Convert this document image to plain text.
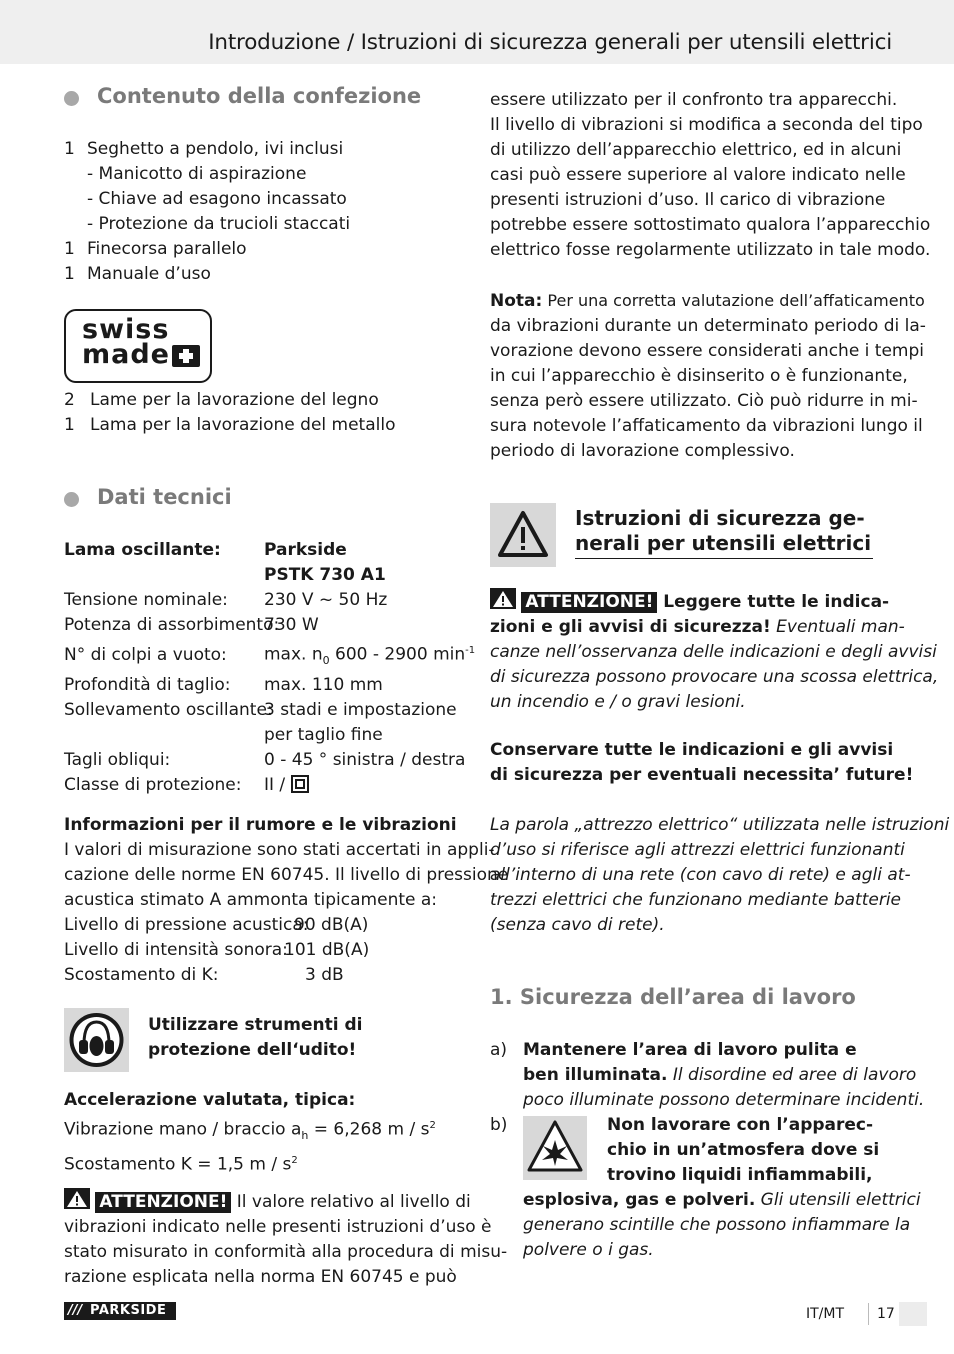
Introduzione / Istruzioni di sicurezza generali per utensili elettrici
Contenuto della confezione
1 Seghetto a pendolo, ivi inclusi
- Manicotto di aspirazione
- Chiave ad esagono incassato
- Protezione da trucioli staccati
1 Finecorsa parallelo
1 Manuale d’uso
swiss
made
2 Lame per la lavorazione del legno
1 Lama per la lavorazione del metallo
Dati tecnici
Lama oscillante:	Parkside
PSTK 730 A1
Tensione nominale: 230 V ~ 50 Hz
Potenza di assorbimento:730 W
N° di colpi a vuoto: max. $n_0$ 600 - 2900 $\min^{-1}$
Profondità di taglio: max. 110 mm
Sollevamento oscillante:3 stadi e impostazione
per taglio fine
Tagli obliqui:	0 - 45 ° sinistra / destra
Classe di protezione: II /
Informazioni per il rumore e le vibrazioni
I valori di misurazione sono stati accertati in appli-
cazione delle norme EN 60745. Il livello di pressione
acustica stimato A ammonta tipicamente a:
Livello di pressione acustica:90 dB(A)
Livello di intensità sonora:101 dB(A)
Scostamento di K:	3 dB
Utilizzare strumenti di
protezione dell‘udito!
Accelerazione valutata, tipica:
Vibrazione mano / braccio $a_h = 6,268$ m / $s^2$
Scostamento K = 1,5 m / $s^2$
ATTENZIONE! Il valore relativo al livello di
vibrazioni indicato nelle presenti istruzioni d’uso è
stato misurato in conformità alla procedura di misu-
razione esplicata nella norma EN 60745 e può
essere utilizzato per il confronto tra apparecchi.
Il livello di vibrazioni si modifica a seconda del tipo
di utilizzo dell’apparecchio elettrico, ed in alcuni
casi può essere superiore al valore indicato nelle
presenti istruzioni d’uso. Il carico di vibrazione
potrebbe essere sottostimato qualora l’apparecchio
elettrico fosse regolarmente utilizzato in tale modo.
Nota: Per una corretta valutazione dell’affaticamento
da vibrazioni durante un determinato periodo di la-
vorazione devono essere considerati anche i tempi
in cui l’apparecchio è disinserito o è funzionante,
senza però essere utilizzato. Ciò può ridurre in mi-
sura notevole l’affaticamento da vibrazioni lungo il
periodo di lavorazione complessivo.
Istruzioni di sicurezza ge-
nerali per utensili elettrici
ATTENZIONE! Leggere tutte le indica-
zioni e gli avvisi di sicurezza! Eventuali man-
canze nell’osservanza delle indicazioni e degli avvisi
di sicurezza possono provocare una scossa elettrica,
un incendio e / o gravi lesioni.
Conservare tutte le indicazioni e gli avvisi
di sicurezza per eventuali necessita’ future!
La parola „attrezzo elettrico“ utilizzata nelle istruzioni
d’uso si riferisce agli attrezzi elettrici funzionanti
all’interno di una rete (con cavo di rete) e agli at-
trezzi elettrici che funzionano mediante batterie
(senza cavo di rete).
1. Sicurezza dell’area di lavoro
a) Mantenere l’area di lavoro pulita e
ben illuminata. Il disordine ed aree di lavoro
poco illuminate possono determinare incidenti.
b)	Non lavorare con l’apparec-
chio in un’atmosfera dove si
trovino liquidi infiammabili,
esplosiva, gas e polveri. Gli utensili elettrici
generano scintille che possono infiammare la
polvere o i gas.
/// PARKSIDE	IT/MT 17
